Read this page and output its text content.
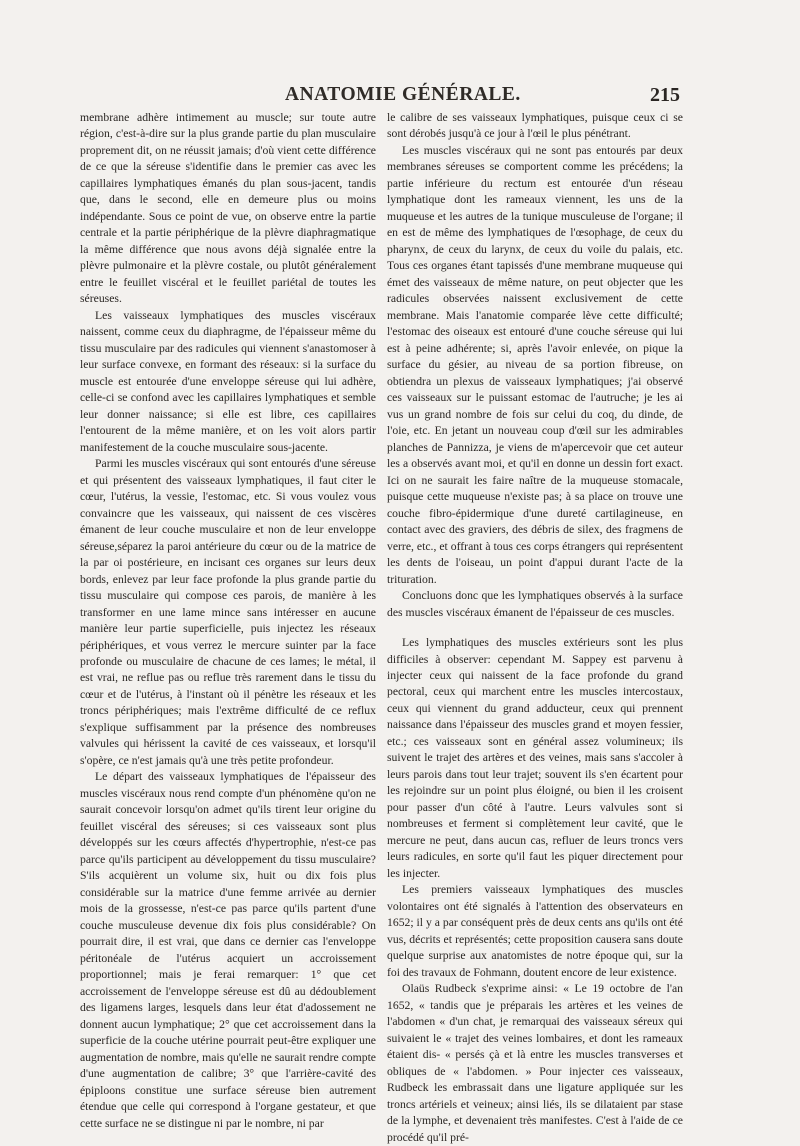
ANATOMIE GÉNÉRALE.	215

membrane adhère intimement au muscle; sur toute autre région, c'est-à-dire sur la plus grande partie du plan musculaire proprement dit, on ne réussit jamais; d'où vient cette différence de ce que la séreuse s'identifie dans le premier cas avec les capillaires lymphatiques émanés du plan sous-jacent, tandis que, dans le second, elle en demeure plus ou moins indépendante. Sous ce point de vue, on observe entre la partie centrale et la partie périphérique de la plèvre diaphragmatique la même différence que nous avons déjà signalée entre la plèvre pulmonaire et la plèvre costale, ou plutôt généralement entre le feuillet viscéral et le feuillet pariétal de toutes les séreuses.

Les vaisseaux lymphatiques des muscles viscéraux naissent, comme ceux du diaphragme, de l'épaisseur même du tissu musculaire par des radicules qui viennent s'anastomoser à leur surface convexe, en formant des réseaux: si la surface du muscle est entourée d'une enveloppe séreuse qui lui adhère, celle-ci se confond avec les capillaires lymphatiques et semble leur donner naissance; si elle est libre, ces capillaires l'entourent de la même manière, et on les voit alors partir manifestement de la couche musculaire sous-jacente.

Parmi les muscles viscéraux qui sont entourés d'une séreuse et qui présentent des vaisseaux lymphatiques, il faut citer le cœur, l'utérus, la vessie, l'estomac, etc. Si vous voulez vous convaincre que les vaisseaux, qui naissent de ces viscères émanent de leur couche musculaire et non de leur enveloppe séreuse,séparez la paroi antérieure du cœur ou de la matrice de la par oi postérieure, en incisant ces organes sur leurs deux bords, enlevez par leur face profonde la plus grande partie du tissu musculaire qui compose ces parois, de manière à les transformer en une lame mince sans intéresser en aucune manière leur partie superficielle, puis injectez les réseaux périphériques, et vous verrez le mercure suinter par la face profonde ou musculaire de chacune de ces lames; le métal, il est vrai, ne reflue pas ou reflue très rarement dans le tissu du cœur et de l'utérus, à l'instant où il pénètre les réseaux et les troncs périphériques; mais l'extrême difficulté de ce reflux s'explique suffisamment par la présence des nombreuses valvules qui hérissent la cavité de ces vaisseaux, et lorsqu'il s'opère, ce n'est jamais qu'à une très petite profondeur.

Le départ des vaisseaux lymphatiques de l'épaisseur des muscles viscéraux nous rend compte d'un phénomène qu'on ne saurait concevoir lorsqu'on admet qu'ils tirent leur origine du feuillet viscéral des séreuses; si ces vaisseaux sont plus développés sur les cœurs affectés d'hypertrophie, n'est-ce pas parce qu'ils participent au développement du tissu musculaire? S'ils acquièrent un volume six, huit ou dix fois plus considérable sur la matrice d'une femme arrivée au dernier mois de la grossesse, n'est-ce pas parce qu'ils partent d'une couche musculeuse devenue dix fois plus considérable? On pourrait dire, il est vrai, que dans ce dernier cas l'enveloppe péritonéale de l'utérus acquiert un accroissement proportionnel; mais je ferai remarquer: 1° que cet accroissement de l'enveloppe séreuse est dû au dédoublement des ligamens larges, lesquels dans leur état d'adossement ne donnent aucun lymphatique; 2° que cet accroissement dans la superficie de la couche utérine pourrait peut-être expliquer une augmentation de nombre, mais qu'elle ne saurait rendre compte d'une augmentation de calibre; 3° que l'arrière-cavité des épiploons constitue une surface séreuse bien autrement étendue que celle qui correspond à l'organe gestateur, et que cette surface ne se distingue ni par le nombre, ni par

le calibre de ses vaisseaux lymphatiques, puisque ceux ci se sont dérobés jusqu'à ce jour à l'œil le plus pénétrant.

Les muscles viscéraux qui ne sont pas entourés par deux membranes séreuses se comportent comme les précédens; la partie inférieure du rectum est entourée d'un réseau lymphatique dont les rameaux viennent, les uns de la muqueuse et les autres de la tunique musculeuse de l'organe; il en est de même des lymphatiques de l'œsophage, de ceux du pharynx, de ceux du larynx, de ceux du voile du palais, etc. Tous ces organes étant tapissés d'une membrane muqueuse qui émet des vaisseaux de même nature, on peut objecter que les radicules observées naissent exclusivement de cette membrane. Mais l'anatomie comparée lève cette difficulté; l'estomac des oiseaux est entouré d'une couche séreuse qui lui est à peine adhérente; si, après l'avoir enlevée, on pique la surface du gésier, au niveau de sa portion fibreuse, on obtiendra un plexus de vaisseaux lymphatiques; j'ai observé ces vaisseaux sur le puissant estomac de l'autruche; je les ai vus un grand nombre de fois sur celui du coq, du dinde, de l'oie, etc. En jetant un nouveau coup d'œil sur les admirables planches de Pannizza, je viens de m'apercevoir que cet auteur les a observés avant moi, et qu'il en donne un dessin fort exact. Ici on ne saurait les faire naître de la muqueuse stomacale, puisque cette muqueuse n'existe pas; à sa place on trouve une couche fibro-épidermique d'une dureté cartilagineuse, en contact avec des graviers, des débris de silex, des fragmens de verre, etc., et offrant à tous ces corps étrangers qui représentent les dents de l'oiseau, un point d'appui durant l'acte de la trituration.

Concluons donc que les lymphatiques observés à la surface des muscles viscéraux émanent de l'épaisseur de ces muscles.

Les lymphatiques des muscles extérieurs sont les plus difficiles à observer: cependant M. Sappey est parvenu à injecter ceux qui naissent de la face profonde du grand pectoral, ceux qui marchent entre les muscles intercostaux, ceux qui viennent du grand adducteur, ceux qui prennent naissance dans l'épaisseur des muscles grand et moyen fessier, etc.; ces vaisseaux sont en général assez volumineux; ils suivent le trajet des artères et des veines, mais sans s'accoler à leurs parois dans tout leur trajet; souvent ils s'en écartent pour les rejoindre sur un point plus éloigné, ou bien il les croisent pour passer d'un côté à l'autre. Leurs valvules sont si nombreuses et ferment si complètement leur cavité, que le mercure ne peut, dans aucun cas, refluer de leurs troncs vers leurs radicules, en sorte qu'il faut les piquer directement pour les injecter.

Les premiers vaisseaux lymphatiques des muscles volontaires ont été signalés à l'attention des observateurs en 1652; il y a par conséquent près de deux cents ans qu'ils ont été vus, décrits et représentés; cette proposition causera sans doute quelque surprise aux anatomistes de notre époque qui, sur la foi des travaux de Fohmann, doutent encore de leur existence.

Olaüs Rudbeck s'exprime ainsi: « Le 19 octobre de l'an 1652, « tandis que je préparais les artères et les veines de l'abdomen « d'un chat, je remarquai des vaisseaux séreux qui suivaient le « trajet des veines lombaires, et dont les rameaux étaient dis- « persés çà et là entre les muscles transverses et obliques de « l'abdomen. » Pour injecter ces vaisseaux, Rudbeck les embrassait dans une ligature appliquée sur les troncs artériels et veineux; ainsi liés, ils se dilataient par stase de la lymphe, et devenaient très manifestes. C'est à l'aide de ce procédé qu'il pré-
